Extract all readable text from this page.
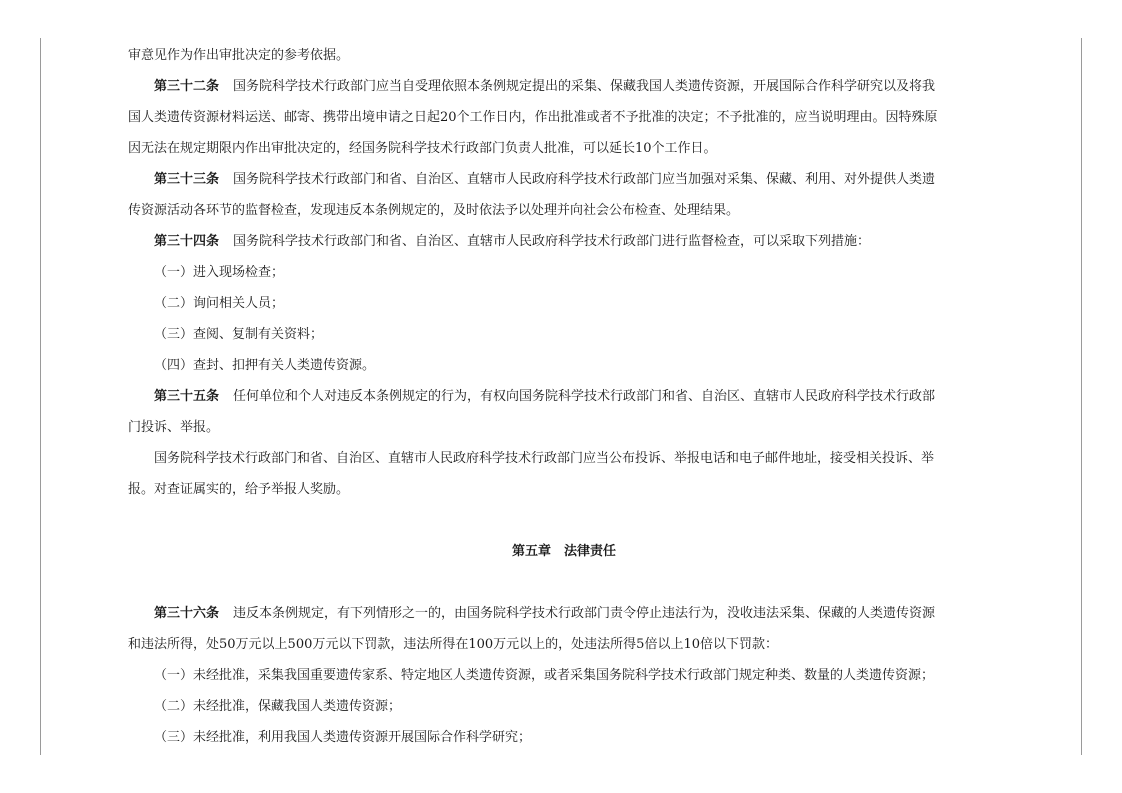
审意见作为作出审批决定的参考依据。
第三十二条 国务院科学技术行政部门应当自受理依照本条例规定提出的采集、保藏我国人类遗传资源，开展国际合作科学研究以及将我
国人类遗传资源材料运送、邮寄、携带出境申请之日起20个工作日内，作出批准或者不予批准的决定；不予批准的，应当说明理由。因特殊原
因无法在规定期限内作出审批决定的，经国务院科学技术行政部门负责人批准，可以延长10个工作日。
第三十三条 国务院科学技术行政部门和省、自治区、直辖市人民政府科学技术行政部门应当加强对采集、保藏、利用、对外提供人类遗
传资源活动各环节的监督检查，发现违反本条例规定的，及时依法予以处理并向社会公布检查、处理结果。
第三十四条 国务院科学技术行政部门和省、自治区、直辖市人民政府科学技术行政部门进行监督检查，可以采取下列措施：
（一）进入现场检查；
（二）询问相关人员；
（三）查阅、复制有关资料；
（四）查封、扣押有关人类遗传资源。
第三十五条 任何单位和个人对违反本条例规定的行为，有权向国务院科学技术行政部门和省、自治区、直辖市人民政府科学技术行政部
门投诉、举报。
国务院科学技术行政部门和省、自治区、直辖市人民政府科学技术行政部门应当公布投诉、举报电话和电子邮件地址，接受相关投诉、举
报。对查证属实的，给予举报人奖励。
第五章　法律责任
第三十六条 违反本条例规定，有下列情形之一的，由国务院科学技术行政部门责令停止违法行为，没收违法采集、保藏的人类遗传资源
和违法所得，处50万元以上500万元以下罚款，违法所得在100万元以上的，处违法所得5倍以上10倍以下罚款：
（一）未经批准，采集我国重要遗传家系、特定地区人类遗传资源，或者采集国务院科学技术行政部门规定种类、数量的人类遗传资源；
（二）未经批准，保藏我国人类遗传资源；
（三）未经批准，利用我国人类遗传资源开展国际合作科学研究；
